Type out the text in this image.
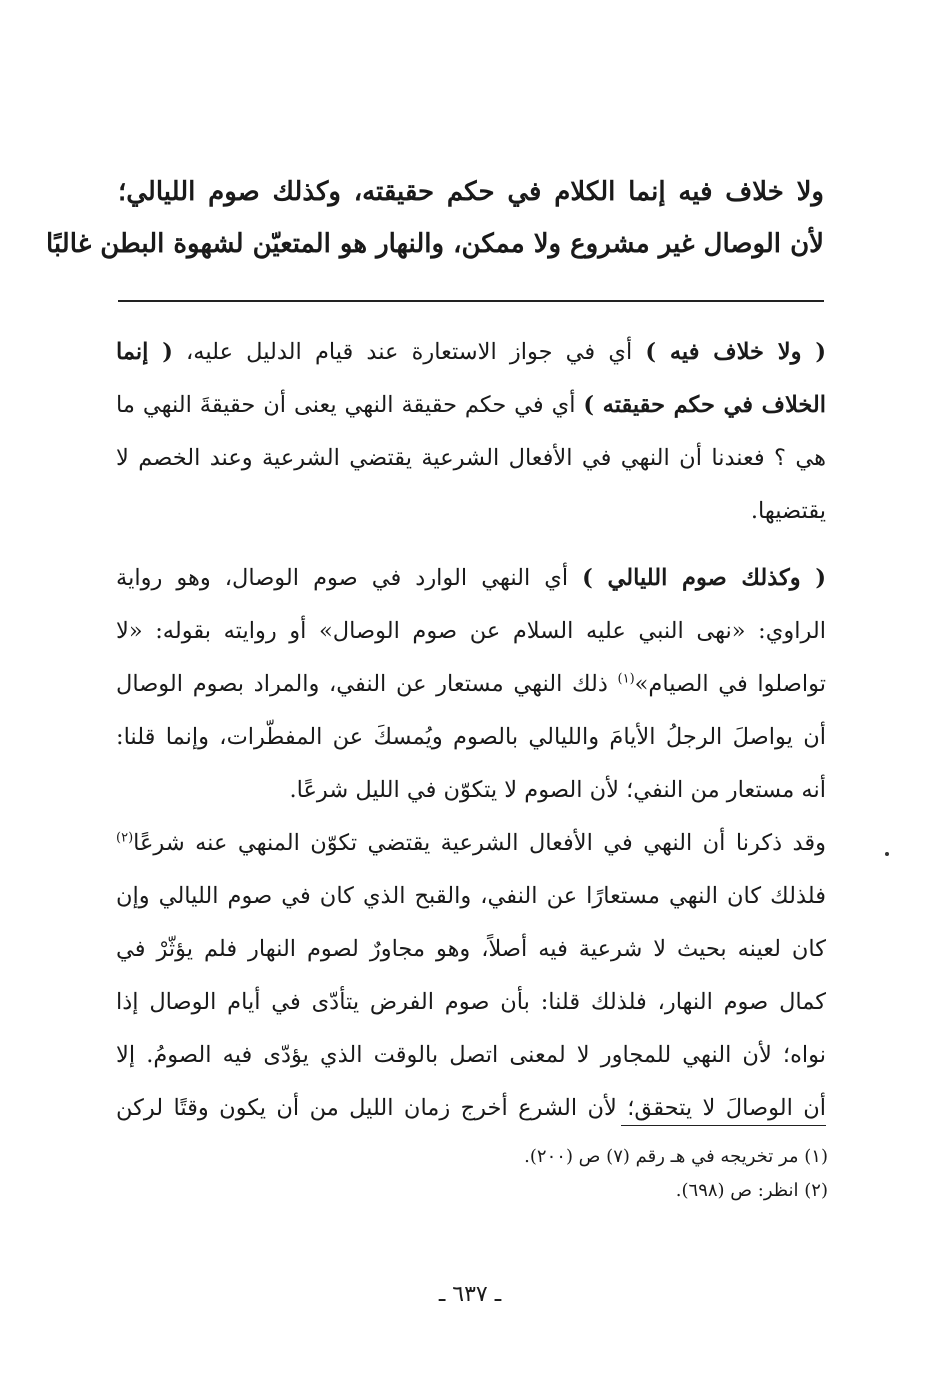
ولا خلاف فيه إنما الكلام في حكم حقيقته، وكذلك صوم الليالي؛
لأن الوصال غير مشروع ولا ممكن، والنهار هو المتعيّن لشهوة البطن غالبًا
( ولا خلاف فيه ) أي في جواز الاستعارة عند قيام الدليل عليه، ( إنما
الخلاف في حكم حقيقته ) أي في حكم حقيقة النهي يعنى أن حقيقةَ النهي ما
هي ؟ فعندنا أن النهي في الأفعال الشرعية يقتضي الشرعية وعند الخصم لا
يقتضيها.
( وكذلك صوم الليالي ) أي النهي الوارد في صوم الوصال، وهو رواية
الراوي: «نهى النبي عليه السلام عن صوم الوصال» أو روايته بقوله: «لا
تواصلوا في الصيام»$^{(١)}$ ذلك النهي مستعار عن النفي، والمراد بصوم الوصال
أن يواصلَ الرجلُ الأيامَ والليالي بالصوم ويُمسكَ عن المفطّرات، وإنما قلنا:
أنه مستعار من النفي؛ لأن الصوم لا يتكوّن في الليل شرعًا.
وقد ذكرنا أن النهي في الأفعال الشرعية يقتضي تكوّن المنهي عنه شرعًا$^{(٢)}$
فلذلك كان النهي مستعارًا عن النفي، والقبح الذي كان في صوم الليالي وإن
كان لعينه بحيث لا شرعية فيه أصلاً، وهو مجاورٌ لصوم النهار فلم يؤثّرْ في
كمال صوم النهار، فلذلك قلنا: بأن صوم الفرض يتأدّى في أيام الوصال إذا
نواه؛ لأن النهي للمجاور لا لمعنى اتصل بالوقت الذي يؤدّى فيه الصومُ. إلا
أن الوصالَ لا يتحقق؛ لأن الشرع أخرج زمان الليل من أن يكون وقتًا لركن
(١) مر تخريجه في هـ رقم (٧) ص (٢٠٠).
(٢) انظر: ص (٦٩٨).
ـ ٦٣٧ ـ
